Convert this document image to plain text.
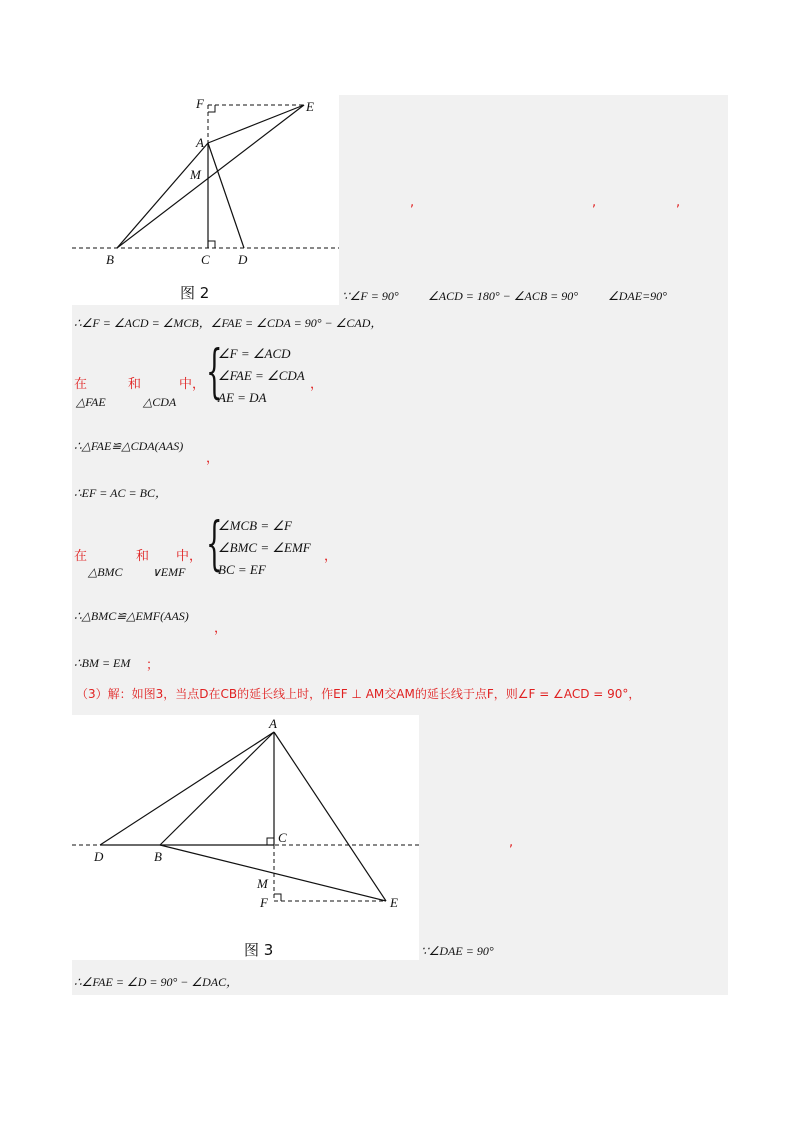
F	E
A
M
B	C D
图 2
,	,	,
∵∠F = 90° ∠ACD = 180° − ∠ACB = 90° ∠DAE=90°
∴∠F = ∠ACD = ∠MCB，∠FAE = ∠CDA = 90° − ∠CAD，
在
△FAE
和
△CDA
中， {
∠F = ∠ACD
∠FAE = ∠CDA
AE = DA
，
∴△FAE≌△CDA(AAS)
，
∴EF = AC = BC，
在
△BMC
和
∨EMF
中， {
∠MCB = ∠F
∠BMC = ∠EMF
BC = EF
，
∴△BMC≌△EMF(AAS)
，
∴BM = EM ；
（3）解：如图3，当点D在CB的延长线上时，作EF ⊥ AM交AM的延长线于点F，则∠F = ∠ACD = 90°，
A
C
D	B
M
F	E
图 3
,
∵∠DAE = 90°
∴∠FAE = ∠D = 90° − ∠DAC，
